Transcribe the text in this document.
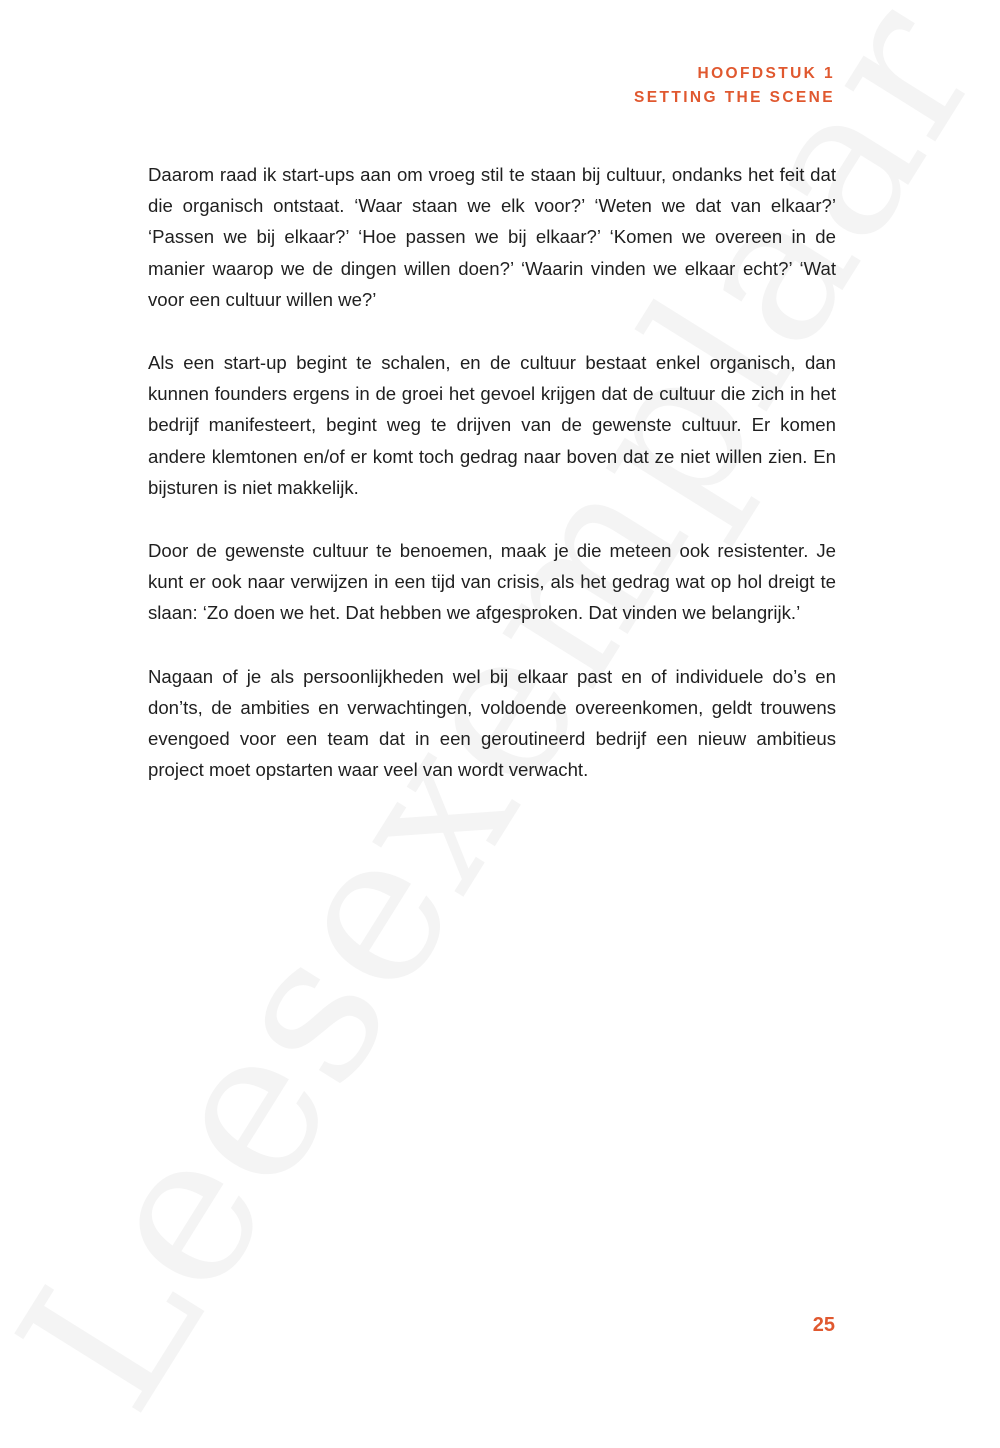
HOOFDSTUK 1
SETTING THE SCENE

Daarom raad ik start-ups aan om vroeg stil te staan bij cultuur, ondanks het feit dat die organisch ontstaat. ‘Waar staan we elk voor?’ ‘Weten we dat van elkaar?’ ‘Passen we bij elkaar?’ ‘Hoe passen we bij elkaar?’ ‘Komen we overeen in de manier waarop we de dingen willen doen?’ ‘Waarin vinden we elkaar echt?’ ‘Wat voor een cultuur willen we?’

Als een start-up begint te schalen, en de cultuur bestaat enkel organisch, dan kunnen founders ergens in de groei het gevoel krijgen dat de cultuur die zich in het bedrijf manifesteert, begint weg te drijven van de gewenste cultuur. Er komen andere klemtonen en/of er komt toch gedrag naar boven dat ze niet willen zien. En bijsturen is niet makkelijk.

Door de gewenste cultuur te benoemen, maak je die meteen ook resistenter. Je kunt er ook naar verwijzen in een tijd van crisis, als het gedrag wat op hol dreigt te slaan: ‘Zo doen we het. Dat hebben we afgesproken. Dat vinden we belangrijk.’

Nagaan of je als persoonlijkheden wel bij elkaar past en of individuele do’s en don’ts, de ambities en verwachtingen, voldoende overeenkomen, geldt trouwens evengoed voor een team dat in een geroutineerd bedrijf een nieuw ambitieus project moet opstarten waar veel van wordt verwacht.

25
